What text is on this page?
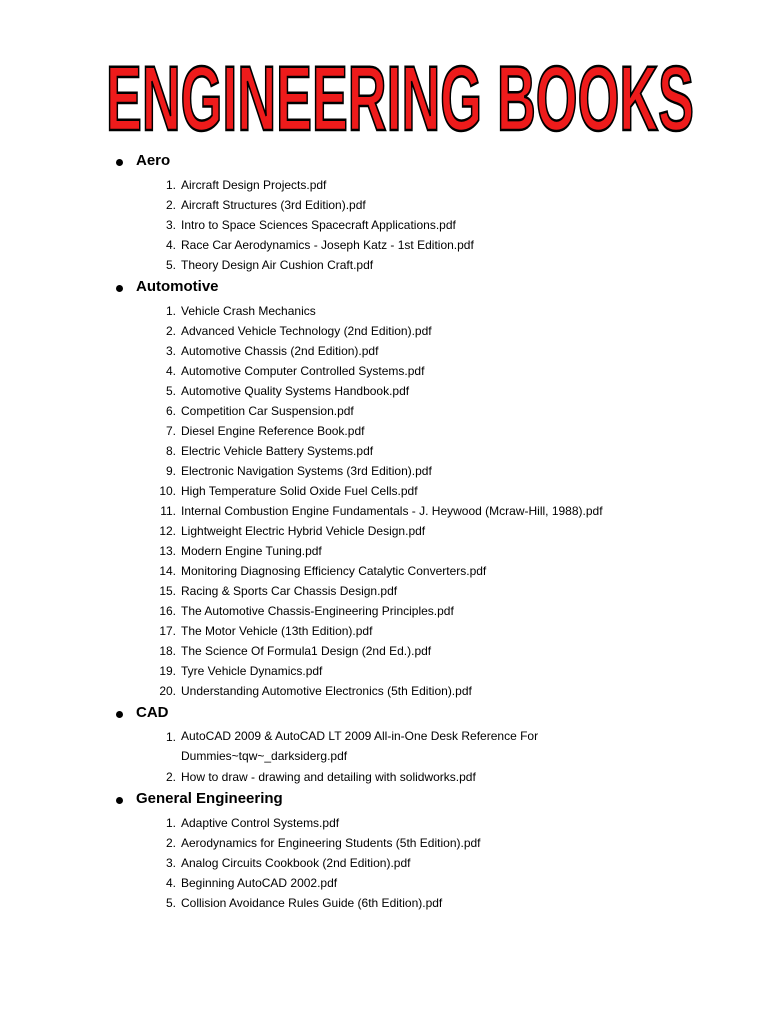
ENGINEERING BOOKS
Aero
1. Aircraft Design Projects.pdf
2. Aircraft Structures (3rd Edition).pdf
3. Intro to Space Sciences Spacecraft Applications.pdf
4. Race Car Aerodynamics - Joseph Katz - 1st Edition.pdf
5. Theory Design Air Cushion Craft.pdf
Automotive
1. Vehicle Crash Mechanics
2. Advanced Vehicle Technology (2nd Edition).pdf
3. Automotive Chassis (2nd Edition).pdf
4. Automotive Computer Controlled Systems.pdf
5. Automotive Quality Systems Handbook.pdf
6. Competition Car Suspension.pdf
7. Diesel Engine Reference Book.pdf
8. Electric Vehicle Battery Systems.pdf
9. Electronic Navigation Systems (3rd Edition).pdf
10. High Temperature Solid Oxide Fuel Cells.pdf
11. Internal Combustion Engine Fundamentals - J. Heywood (Mcraw-Hill, 1988).pdf
12. Lightweight Electric Hybrid Vehicle Design.pdf
13. Modern Engine Tuning.pdf
14. Monitoring Diagnosing Efficiency Catalytic Converters.pdf
15. Racing & Sports Car Chassis Design.pdf
16. The Automotive Chassis-Engineering Principles.pdf
17. The Motor Vehicle (13th Edition).pdf
18. The Science Of Formula1 Design (2nd Ed.).pdf
19. Tyre Vehicle Dynamics.pdf
20. Understanding Automotive Electronics (5th Edition).pdf
CAD
1. AutoCAD 2009 & AutoCAD LT 2009 All-in-One Desk Reference For Dummies~tqw~_darksiderg.pdf
2. How to draw - drawing and detailing with solidworks.pdf
General Engineering
1. Adaptive Control Systems.pdf
2. Aerodynamics for Engineering Students (5th Edition).pdf
3. Analog Circuits Cookbook (2nd Edition).pdf
4. Beginning AutoCAD 2002.pdf
5. Collision Avoidance Rules Guide (6th Edition).pdf
